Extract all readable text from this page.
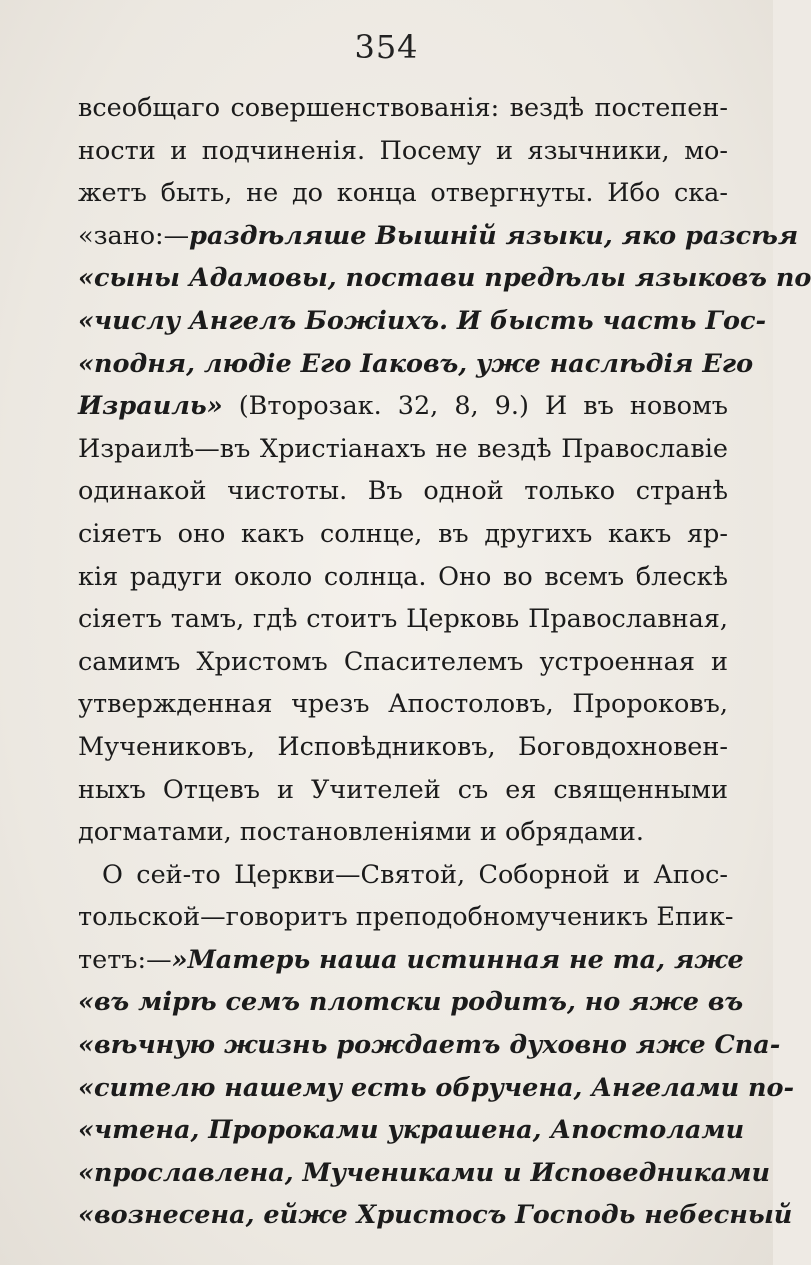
354
всеобщаго совершенствованія: вездѣ постепен-
ности и подчиненія. Посему и язычники, мо-
жетъ быть, не до конца отвергнуты. Ибо ска-
«зано:—раздѣляше Вышній языки, яко разсѣя
«сыны Адамовы, постави предѣлы языковъ по
«числу Ангелъ Божіихъ. И бысть часть Гос-
«подня, людіе Его Іаковъ, уже наслѣдія Его
Израиль» (Второзак. 32, 8, 9.) И въ новомъ
Израилѣ—въ Христіанахъ не вездѣ Православіе
одинакой чистоты. Въ одной только странѣ
сіяетъ оно какъ солнце, въ другихъ какъ яр-
кія радуги около солнца. Оно во всемъ блескѣ
сіяетъ тамъ, гдѣ стоитъ Церковь Православная,
самимъ Христомъ Спасителемъ устроенная и
утвержденная чрезъ Апостоловъ, Пророковъ,
Мучениковъ, Исповѣдниковъ, Боговдохновен-
ныхъ Отцевъ и Учителей съ ея священными
догматами, постановленіями и обрядами.
О сей-то Церкви—Святой, Соборной и Апос-
тольской—говоритъ преподобномученикъ Епик-
тетъ:—»Матерь наша истинная не та, яже
«въ мірѣ семъ плотски родитъ, но яже въ
«вѣчную жизнь рождаетъ духовно яже Спа-
«сителю нашему есть обручена, Ангелами по-
«чтена, Пророками украшена, Апостолами
«прославлена, Мучениками и Исповедниками
«вознесена, ейже Христосъ Господь небесный
